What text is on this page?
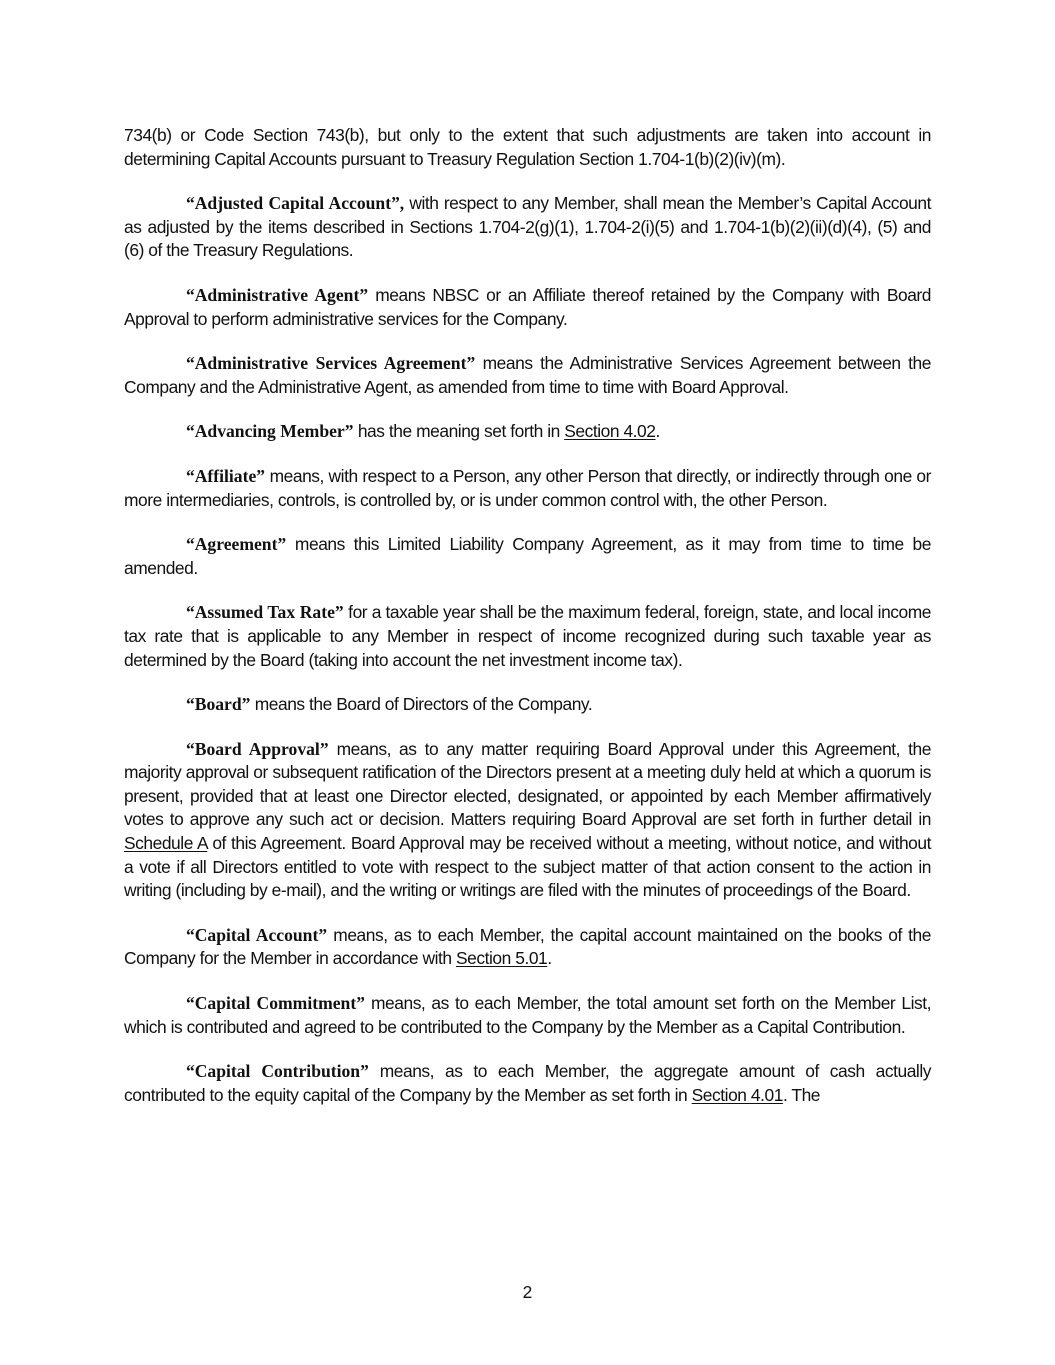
734(b) or Code Section 743(b), but only to the extent that such adjustments are taken into account in determining Capital Accounts pursuant to Treasury Regulation Section 1.704-1(b)(2)(iv)(m).

“Adjusted Capital Account”, with respect to any Member, shall mean the Member’s Capital Account as adjusted by the items described in Sections 1.704-2(g)(1), 1.704-2(i)(5) and 1.704-1(b)(2)(ii)(d)(4), (5) and (6) of the Treasury Regulations.

“Administrative Agent” means NBSC or an Affiliate thereof retained by the Company with Board Approval to perform administrative services for the Company.

“Administrative Services Agreement” means the Administrative Services Agreement between the Company and the Administrative Agent, as amended from time to time with Board Approval.

“Advancing Member” has the meaning set forth in Section 4.02.

“Affiliate” means, with respect to a Person, any other Person that directly, or indirectly through one or more intermediaries, controls, is controlled by, or is under common control with, the other Person.

“Agreement” means this Limited Liability Company Agreement, as it may from time to time be amended.

“Assumed Tax Rate” for a taxable year shall be the maximum federal, foreign, state, and local income tax rate that is applicable to any Member in respect of income recognized during such taxable year as determined by the Board (taking into account the net investment income tax).

“Board” means the Board of Directors of the Company.

“Board Approval” means, as to any matter requiring Board Approval under this Agreement, the majority approval or subsequent ratification of the Directors present at a meeting duly held at which a quorum is present, provided that at least one Director elected, designated, or appointed by each Member affirmatively votes to approve any such act or decision. Matters requiring Board Approval are set forth in further detail in Schedule A of this Agreement. Board Approval may be received without a meeting, without notice, and without a vote if all Directors entitled to vote with respect to the subject matter of that action consent to the action in writing (including by e-mail), and the writing or writings are filed with the minutes of proceedings of the Board.

“Capital Account” means, as to each Member, the capital account maintained on the books of the Company for the Member in accordance with Section 5.01.

“Capital Commitment” means, as to each Member, the total amount set forth on the Member List, which is contributed and agreed to be contributed to the Company by the Member as a Capital Contribution.

“Capital Contribution” means, as to each Member, the aggregate amount of cash actually contributed to the equity capital of the Company by the Member as set forth in Section 4.01. The

2
